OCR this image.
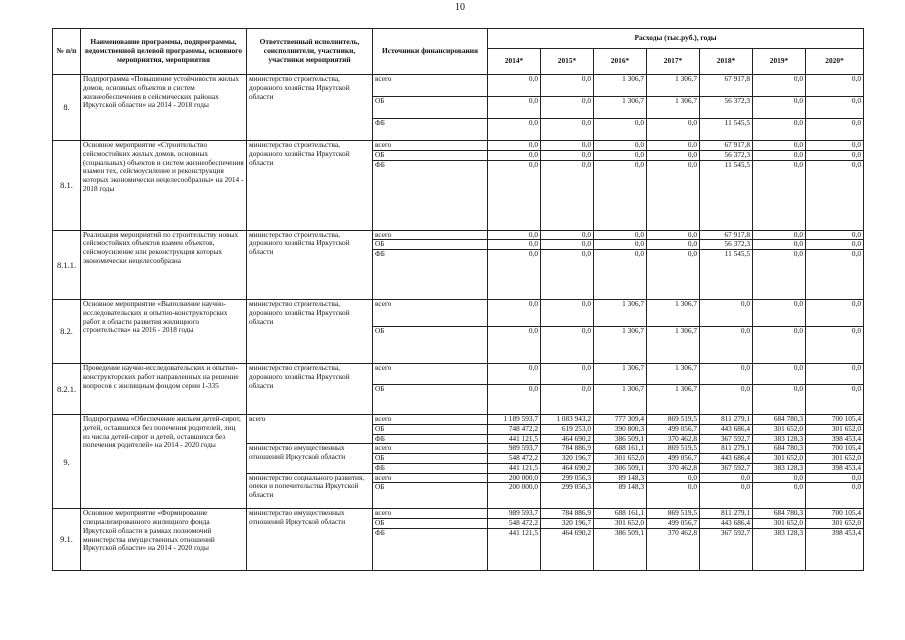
10
№ п/п	Наименование программы, подпрограммы, ведомственной целевой программы, основного мероприятия, мероприятия	Ответственный исполнитель, соисполнители, участники, участники мероприятий	Источники финансирования	Расходы (тыс.руб.), годы						
				2014*	2015*	2016*	2017*	2018*	2019*	2020*
8.	Подпрограмма «Повышение устойчивости жилых домов, основных объектов и систем жизнеобеспечения в сейсмических районах Иркутской области» на 2014 - 2018 годы	министерство строительства, дорожного хозяйства Иркутской области	всего	0,0	0,0	1 306,7	1 306,7	67 917,8	0,0	0,0
			ОБ	0,0	0,0	1 306,7	1 306,7	56 372,3	0,0	0,0
			ФБ	0,0	0,0	0,0	0,0	11 545,5	0,0	0,0
8.1.	Основное мероприятие «Строительство сейсмостойких жилых домов, основных (социальных) объектов и систем жизнеобеспечения взамен тех, сейсмоусиление и реконструкция которых экономически нецелесообразны» на 2014 - 2018 годы	министерство строительства, дорожного хозяйства Иркутской области	всего	0,0	0,0	0,0	0,0	67 917,8	0,0	0,0
			ОБ	0,0	0,0	0,0	0,0	56 372,3	0,0	0,0
			ФБ	0,0	0,0	0,0	0,0	11 545,5	0,0	0,0
8.1.1.	Реализация мероприятий по строительству новых сейсмостойких объектов взамен объектов, сейсмоусиление или реконструкция которых экономически нецелесообразна	министерство строительства, дорожного хозяйства Иркутской области	всего	0,0	0,0	0,0	0,0	67 917,8	0,0	0,0
			ОБ	0,0	0,0	0,0	0,0	56 372,3	0,0	0,0
			ФБ	0,0	0,0	0,0	0,0	11 545,5	0,0	0,0
8.2.	Основное мероприятие «Выполнение научно-исследовательских и опытно-конструкторских работ в области развития жилищного строительства» на 2016 - 2018 годы	министерство строительства, дорожного хозяйства Иркутской области	всего	0,0	0,0	1 306,7	1 306,7	0,0	0,0	0,0
			ОБ	0,0	0,0	1 306,7	1 306,7	0,0	0,0	0,0
8.2.1.	Проведение научно-исследовательских и опытно-конструкторских работ направленных на решение вопросов с жилищным фондом серии 1-335	министерство строительства, дорожного хозяйства Иркутской области	всего	0,0	0,0	1 306,7	1 306,7	0,0	0,0	0,0
			ОБ	0,0	0,0	1 306,7	1 306,7	0,0	0,0	0,0
9.	Подпрограмма «Обеспечение жильем детей-сирот, детей, оставшихся без попечения родителей, лиц из числа детей-сирот и детей, оставшихся без попечения родителей» на 2014 - 2020 годы	всего	всего	1 189 593,7	1 083 943,2	777 309,4	869 519,5	811 279,1	684 780,3	700 105,4
			ОБ	748 472,2	619 253,0	390 800,3	499 056,7	443 686,4	301 652,0	301 652,0
			ФБ	441 121,5	464 690,2	386 509,1	370 462,8	367 592,7	383 128,3	398 453,4
		министерство имущественных отношений Иркутской области	всего	989 593,7	784 886,9	688 161,1	869 519,5	811 279,1	684 780,3	700 105,4
			ОБ	548 472,2	320 196,7	301 652,0	499 056,7	443 686,4	301 652,0	301 652,0
			ФБ	441 121,5	464 690,2	386 509,1	370 462,8	367 592,7	383 128,3	398 453,4
		министерство социального развития, опеки и попечительства Иркутской области	всего	200 000,0	299 056,3	89 148,3	0,0	0,0	0,0	0,0
			ОБ	200 000,0	299 056,3	89 148,3	0,0	0,0	0,0	0,0
9.1.	Основное мероприятие «Формирование специализированного жилищного фонда Иркутской области в рамках полномочий министерства имущественных отношений Иркутской области» на 2014 - 2020 годы	министерство имущественных отношений Иркутской области	всего	989 593,7	784 886,9	688 161,1	869 519,5	811 279,1	684 780,3	700 105,4
			ОБ	548 472,2	320 196,7	301 652,0	499 056,7	443 686,4	301 652,0	301 652,0
			ФБ	441 121,5	464 690,2	386 509,1	370 462,8	367 592,7	383 128,3	398 453,4
